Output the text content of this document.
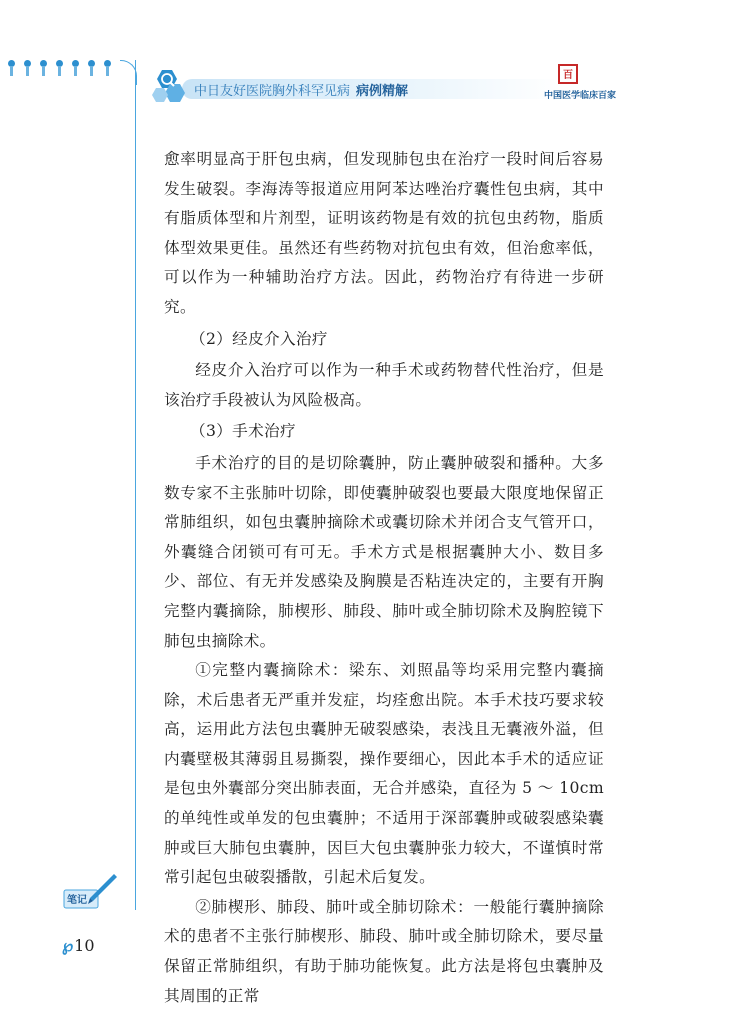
中日友好医院胸外科罕见病 病例精解
百
中国医学临床百家

愈率明显高于肝包虫病，但发现肺包虫在治疗一段时间后容易发生破裂。李海涛等报道应用阿苯达唑治疗囊性包虫病，其中有脂质体型和片剂型，证明该药物是有效的抗包虫药物，脂质体型效果更佳。虽然还有些药物对抗包虫有效，但治愈率低，可以作为一种辅助治疗方法。因此，药物治疗有待进一步研究。

（2）经皮介入治疗

经皮介入治疗可以作为一种手术或药物替代性治疗，但是该治疗手段被认为风险极高。

（3）手术治疗

手术治疗的目的是切除囊肿，防止囊肿破裂和播种。大多数专家不主张肺叶切除，即使囊肿破裂也要最大限度地保留正常肺组织，如包虫囊肿摘除术或囊切除术并闭合支气管开口，外囊缝合闭锁可有可无。手术方式是根据囊肿大小、数目多少、部位、有无并发感染及胸膜是否粘连决定的，主要有开胸完整内囊摘除，肺楔形、肺段、肺叶或全肺切除术及胸腔镜下肺包虫摘除术。

①完整内囊摘除术：梁东、刘照晶等均采用完整内囊摘除，术后患者无严重并发症，均痊愈出院。本手术技巧要求较高，运用此方法包虫囊肿无破裂感染，表浅且无囊液外溢，但内囊壁极其薄弱且易撕裂，操作要细心，因此本手术的适应证是包虫外囊部分突出肺表面，无合并感染，直径为 5 ～ 10cm 的单纯性或单发的包虫囊肿；不适用于深部囊肿或破裂感染囊肿或巨大肺包虫囊肿，因巨大包虫囊肿张力较大，不谨慎时常常引起包虫破裂播散，引起术后复发。

②肺楔形、肺段、肺叶或全肺切除术：一般能行囊肿摘除术的患者不主张行肺楔形、肺段、肺叶或全肺切除术，要尽量保留正常肺组织，有助于肺功能恢复。此方法是将包虫囊肿及其周围的正常

笔记
℘10
